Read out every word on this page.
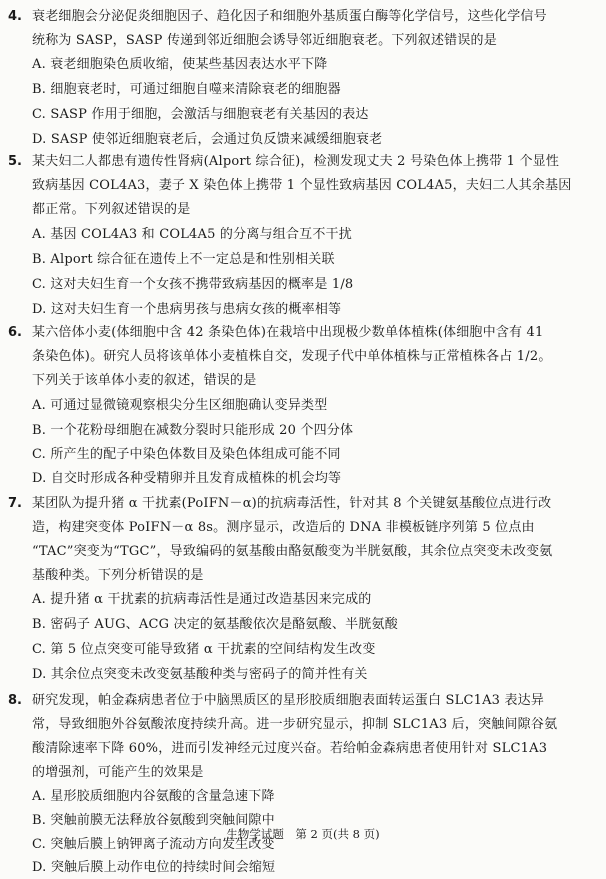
4. 衰老细胞会分泌促炎细胞因子、趋化因子和细胞外基质蛋白酶等化学信号，这些化学信号
统称为 SASP，SASP 传递到邻近细胞会诱导邻近细胞衰老。下列叙述错误的是
A. 衰老细胞染色质收缩，使某些基因表达水平下降
B. 细胞衰老时，可通过细胞自噬来清除衰老的细胞器
C. SASP 作用于细胞，会激活与细胞衰老有关基因的表达
D. SASP 使邻近细胞衰老后，会通过负反馈来减缓细胞衰老
5. 某夫妇二人都患有遗传性肾病(Alport 综合征)，检测发现丈夫 2 号染色体上携带 1 个显性
致病基因 COL4A3，妻子 X 染色体上携带 1 个显性致病基因 COL4A5，夫妇二人其余基因
都正常。下列叙述错误的是
A. 基因 COL4A3 和 COL4A5 的分离与组合互不干扰
B. Alport 综合征在遗传上不一定总是和性别相关联
C. 这对夫妇生育一个女孩不携带致病基因的概率是 1/8
D. 这对夫妇生育一个患病男孩与患病女孩的概率相等
6. 某六倍体小麦(体细胞中含 42 条染色体)在栽培中出现极少数单体植株(体细胞中含有 41
条染色体)。研究人员将该单体小麦植株自交，发现子代中单体植株与正常植株各占 1/2。
下列关于该单体小麦的叙述，错误的是
A. 可通过显微镜观察根尖分生区细胞确认变异类型
B. 一个花粉母细胞在减数分裂时只能形成 20 个四分体
C. 所产生的配子中染色体数目及染色体组成可能不同
D. 自交时形成各种受精卵并且发育成植株的机会均等
7. 某团队为提升猪 α 干扰素(PoIFN－α)的抗病毒活性，针对其 8 个关键氨基酸位点进行改
造，构建突变体 PoIFN－α 8s。测序显示，改造后的 DNA 非模板链序列第 5 位点由
“TAC”突变为“TGC”，导致编码的氨基酸由酪氨酸变为半胱氨酸，其余位点突变未改变氨
基酸种类。下列分析错误的是
A. 提升猪 α 干扰素的抗病毒活性是通过改造基因来完成的
B. 密码子 AUG、ACG 决定的氨基酸依次是酪氨酸、半胱氨酸
C. 第 5 位点突变可能导致猪 α 干扰素的空间结构发生改变
D. 其余位点突变未改变氨基酸种类与密码子的简并性有关
8. 研究发现，帕金森病患者位于中脑黑质区的星形胶质细胞表面转运蛋白 SLC1A3 表达异
常，导致细胞外谷氨酸浓度持续升高。进一步研究显示，抑制 SLC1A3 后，突触间隙谷氨
酸清除速率下降 60%，进而引发神经元过度兴奋。若给帕金森病患者使用针对 SLC1A3
的增强剂，可能产生的效果是
A. 星形胶质细胞内谷氨酸的含量急速下降
B. 突触前膜无法释放谷氨酸到突触间隙中
C. 突触后膜上钠钾离子流动方向发生改变
D. 突触后膜上动作电位的持续时间会缩短
生物学试题　第 2 页(共 8 页)
